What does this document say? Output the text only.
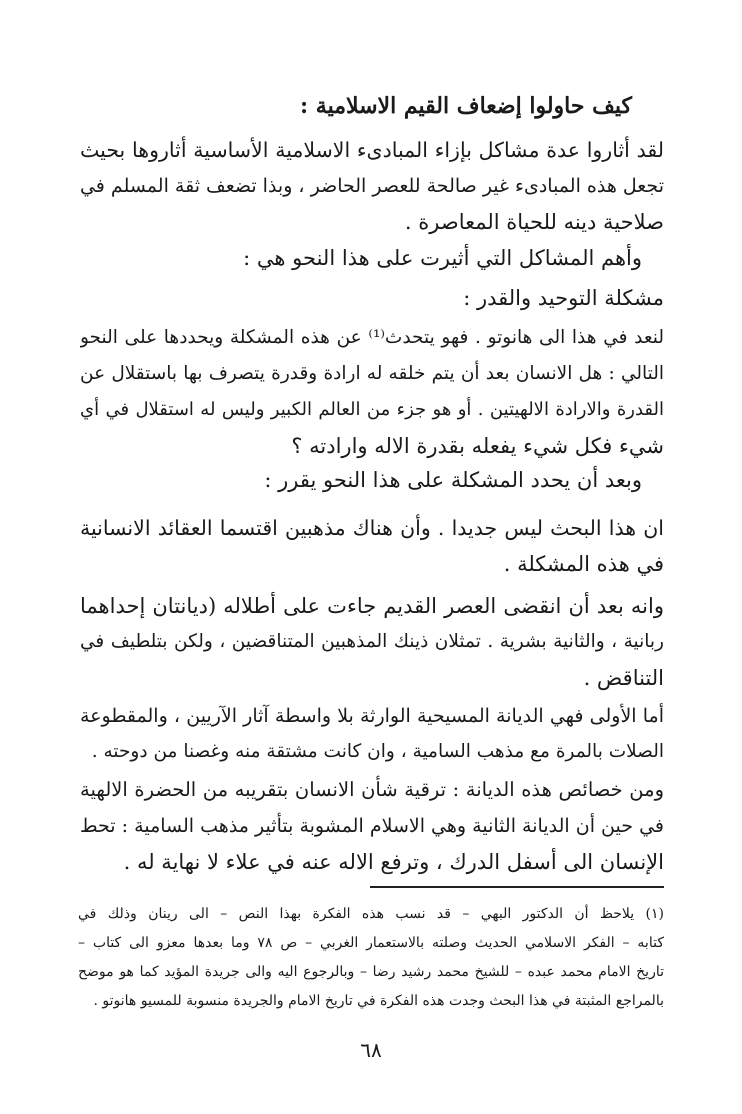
كيف حاولوا إضعاف القيم الاسلامية :
لقد أثاروا عدة مشاكل بإزاء المبادىء الاسلامية الأساسية أثاروها بحيث
تجعل هذه المبادىء غير صالحة للعصر الحاضر ، وبذا تضعف ثقة المسلم في
صلاحية دينه للحياة المعاصرة .
وأهم المشاكل التي أثيرت على هذا النحو هي :
مشكلة التوحيد والقدر :
لنعد في هذا الى هانوتو . فهو يتحدث⁽¹⁾ عن هذه المشكلة ويحددها على النحو
التالي : هل الانسان بعد أن يتم خلقه له ارادة وقدرة يتصرف بها باستقلال عن
القدرة والارادة الالهيتين . أو هو جزء من العالم الكبير وليس له استقلال في أي
شيء فكل شيء يفعله بقدرة الاله وارادته ؟
وبعد أن يحدد المشكلة على هذا النحو يقرر :
ان هذا البحث ليس جديدا . وأن هناك مذهبين اقتسما العقائد الانسانية
في هذه المشكلة .
وانه بعد أن انقضى العصر القديم جاءت على أطلاله (ديانتان إحداهما
ربانية ، والثانية بشرية . تمثلان ذينك المذهبين المتناقضين ، ولكن بتلطيف في
التناقض .
أما الأولى فهي الديانة المسيحية الوارثة بلا واسطة آثار الآريين ، والمقطوعة
الصلات بالمرة مع مذهب السامية ، وان كانت مشتقة منه وغصنا من دوحته .
ومن خصائص هذه الديانة : ترقية شأن الانسان بتقريبه من الحضرة الالهية
في حين أن الديانة الثانية وهي الاسلام المشوبة بتأثير مذهب السامية : تحط
الإنسان الى أسفل الدرك ، وترفع الاله عنه في علاء لا نهاية له .
(١) يلاحظ أن الدكتور البهي – قد نسب هذه الفكرة بهذا النص – الى رينان وذلك في
كتابه – الفكر الاسلامي الحديث وصلته بالاستعمار الغربي – ص ٧٨ وما بعدها معزو الى كتاب –
تاريخ الامام محمد عبده – للشيخ محمد رشيد رضا – وبالرجوع اليه والى جريدة المؤيد كما هو موضح
بالمراجع المثبتة في هذا البحث وجدت هذه الفكرة في تاريخ الامام والجريدة منسوبة للمسيو هانوتو .
٦٨
